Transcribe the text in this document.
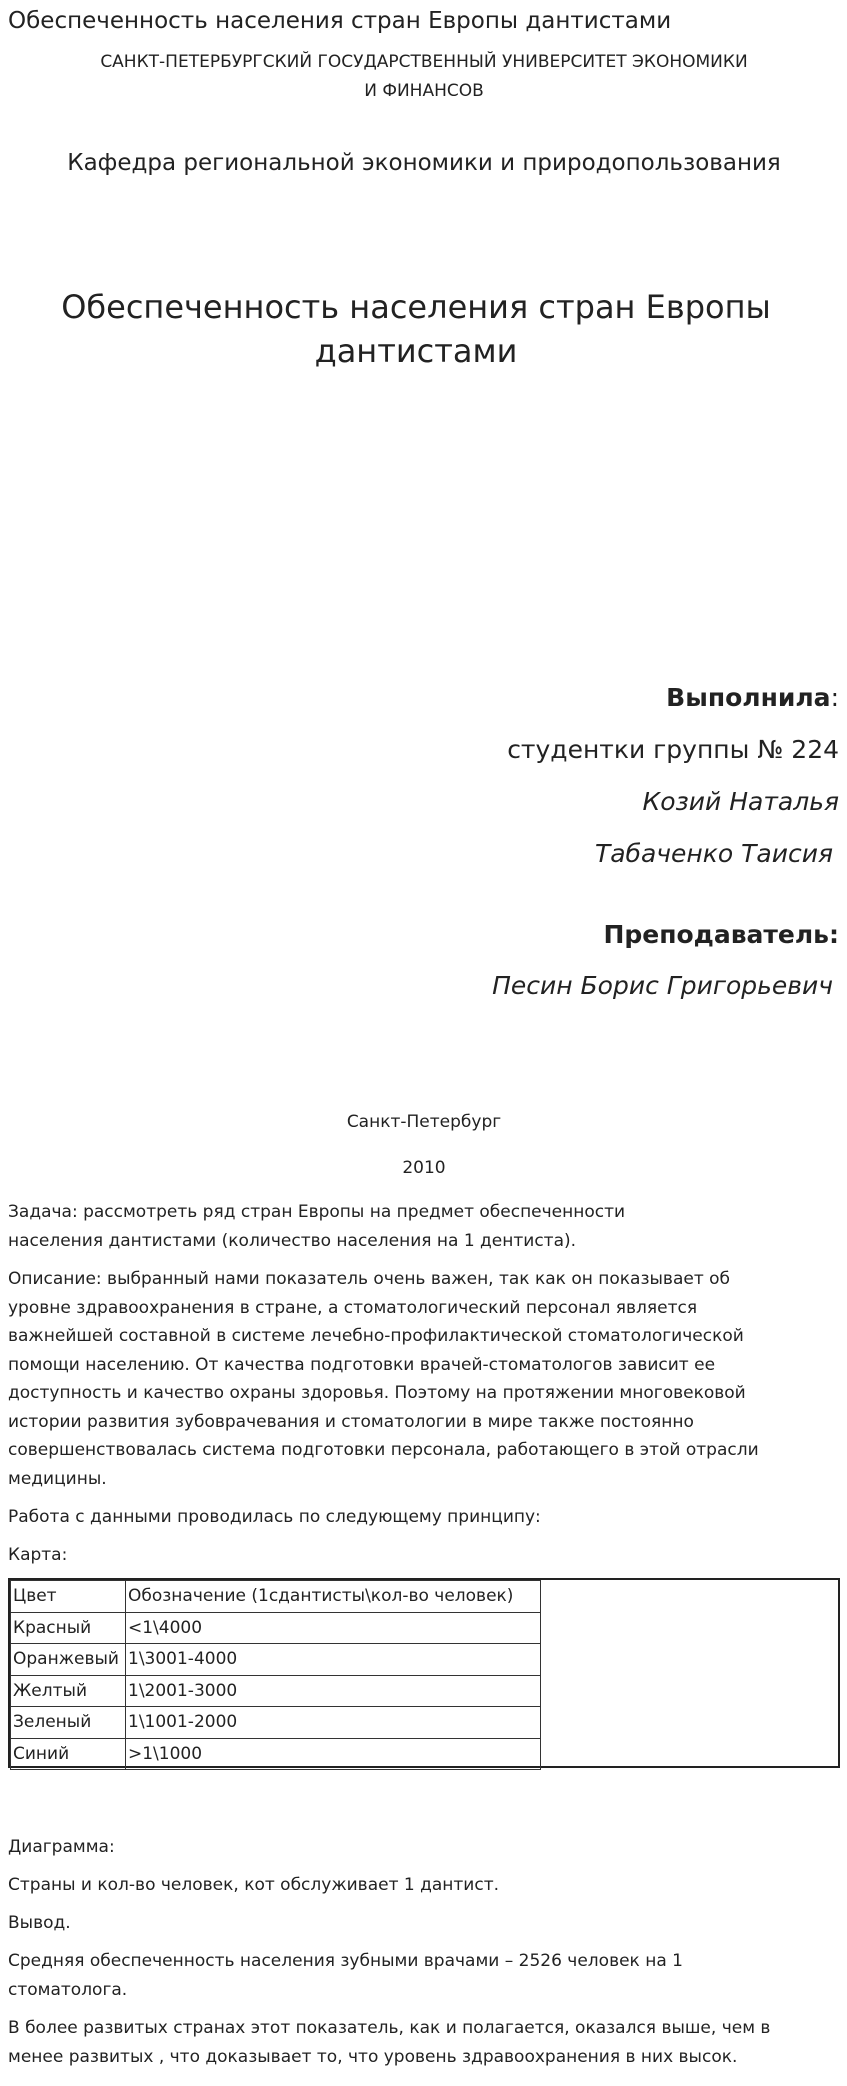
Обеспеченность населения стран Европы дантистами
САНКТ-ПЕТЕРБУРГСКИЙ ГОСУДАРСТВЕННЫЙ УНИВЕРСИТЕТ ЭКОНОМИКИ
И ФИНАНСОВ
Кафедра региональной экономики и природопользования
Обеспеченность населения стран Европы
дантистами
Выполнила:
студентки группы № 224
Козий Наталья
Табаченко Таисия
Преподаватель:
Песин Борис Григорьевич
Санкт-Петербург
2010
Задача: рассмотреть ряд стран Европы на предмет обеспеченности
населения дантистами (количество населения на 1 дентиста).
Описание: выбранный нами показатель очень важен, так как он показывает об
уровне здравоохранения в стране, а стоматологический персонал является
важнейшей составной в системе лечебно-профилактической стоматологической
помощи населению. От качества подготовки врачей-стоматологов зависит ее
доступность и качество охраны здоровья. Поэтому на протяжении многовековой
истории развития зубоврачевания и стоматологии в мире также постоянно
совершенствовалась система подготовки персонала, работающего в этой отрасли
медицины.
Работа с данными проводилась по следующему принципу:
Карта:
Цвет	Обозначение (1сдантисты\кол-во человек)
Красный	<1\4000
Оранжевый	1\3001-4000
Желтый	1\2001-3000
Зеленый	1\1001-2000
Синий	>1\1000
Диаграмма:
Страны и кол-во человек, кот обслуживает 1 дантист.
Вывод.
Средняя обеспеченность населения зубными врачами – 2526 человек на 1
стоматолога.
В более развитых странах этот показатель, как и полагается, оказался выше, чем в
менее развитых , что доказывает то, что уровень здравоохранения в них высок.
